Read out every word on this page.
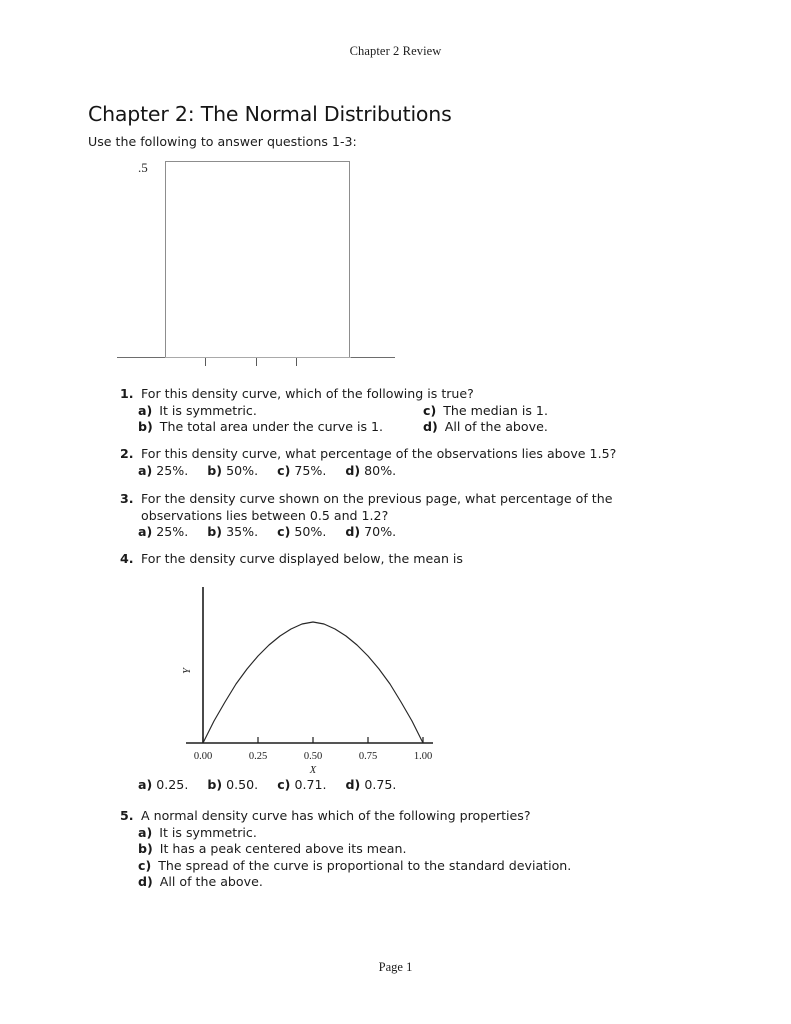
Chapter 2 Review
Chapter 2: The Normal Distributions
Use the following to answer questions 1-3:
.5
1. For this density curve, which of the following is true?
a) It is symmetric.
b) The total area under the curve is 1.
c) The median is 1.
d) All of the above.
2. For this density curve, what percentage of the observations lies above 1.5?
a) 25%. b) 50%. c) 75%. d) 80%.
3. For the density curve shown on the previous page, what percentage of the observations lies between 0.5 and 1.2?
a) 25%. b) 35%. c) 50%. d) 70%.
4. For the density curve displayed below, the mean is
0.00	0.25	0.50	0.75	1.00
X
Y
a) 0.25. b) 0.50. c) 0.71. d) 0.75.
5. A normal density curve has which of the following properties?
a) It is symmetric.
b) It has a peak centered above its mean.
c) The spread of the curve is proportional to the standard deviation.
d) All of the above.
Page 1
